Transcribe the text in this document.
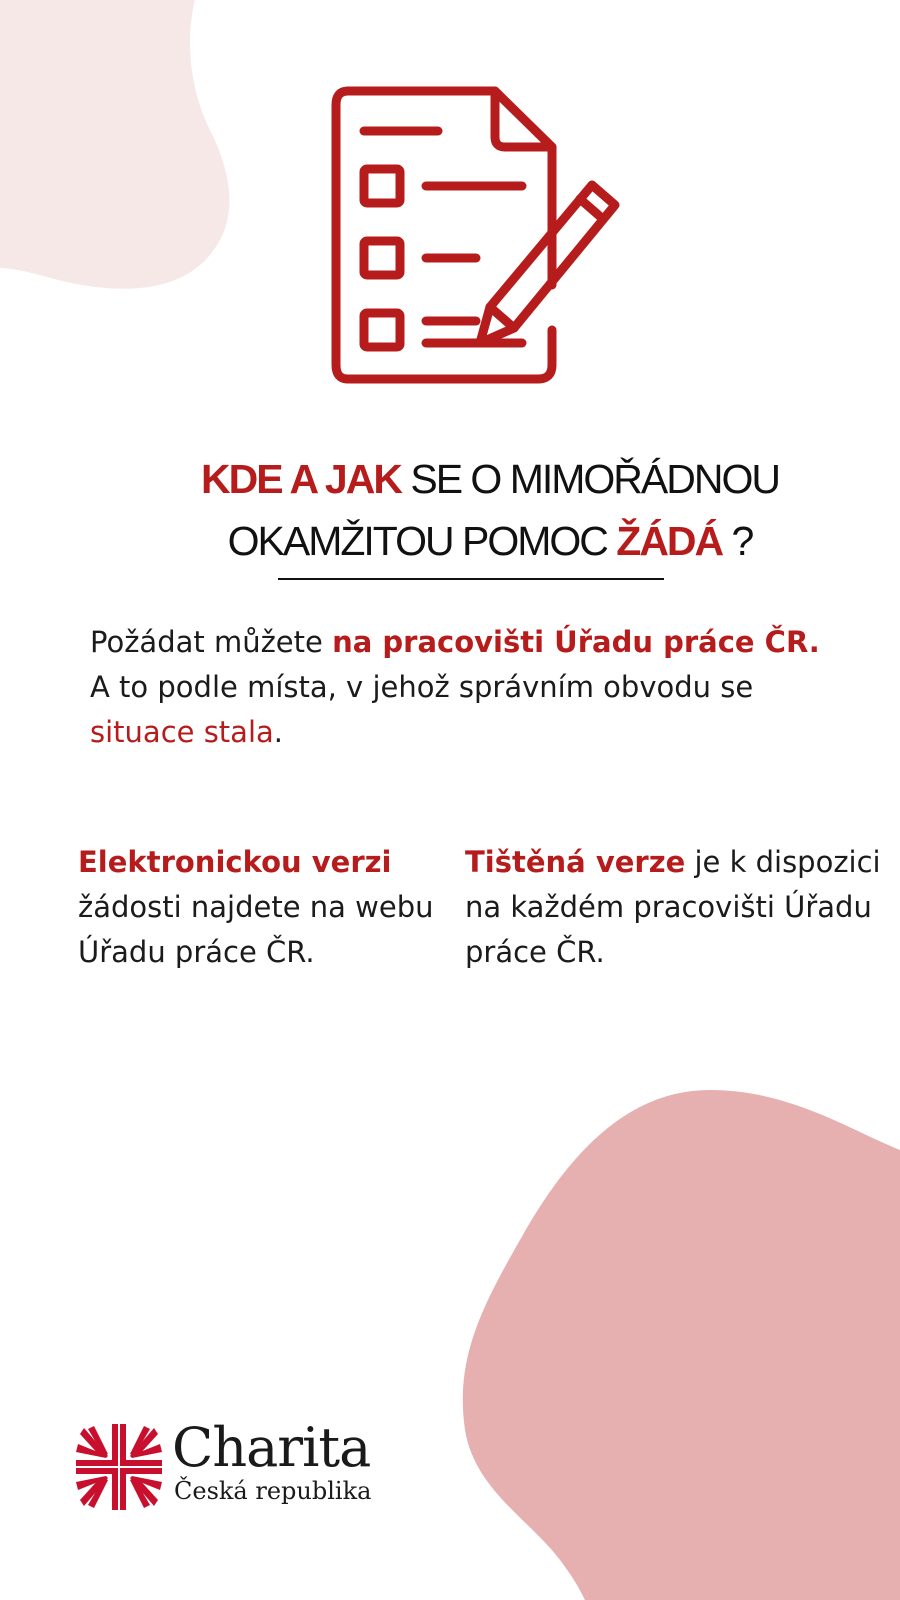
KDE A JAK SE O MIMOŘÁDNOU
OKAMŽITOU POMOC ŽÁDÁ ?
Požádat můžete na pracovišti Úřadu práce ČR.
A to podle místa, v jehož správním obvodu se
situace stala.
Elektronickou verzi
žádosti najdete na webu Úřadu práce ČR.
Tištěná verze je k dispozici na každém pracovišti Úřadu práce ČR.
Charita
Česká republika
